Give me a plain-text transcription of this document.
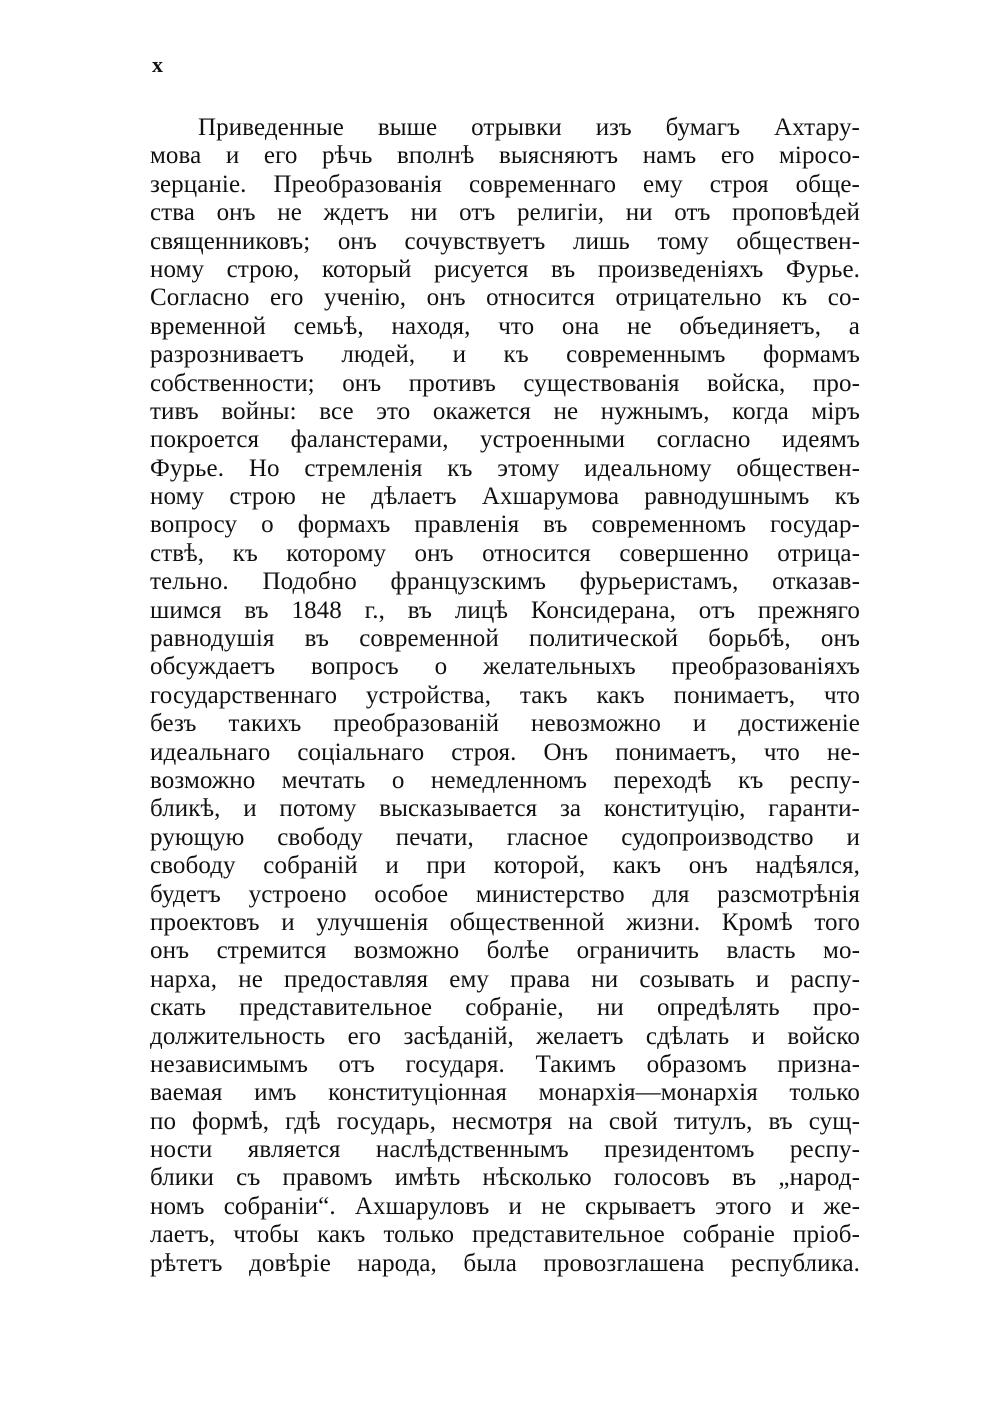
x
Приведенные выше отрывки изъ бумагъ Ахтару-
мова и его рѣчь вполнѣ выясняютъ намъ его міросо-
зерцаніе. Преобразованія современнаго ему строя обще-
ства онъ не ждетъ ни отъ религіи, ни отъ проповѣдей
священниковъ; онъ сочувствуетъ лишь тому обществен-
ному строю, который рисуется въ произведеніяхъ Фурье.
Согласно его ученію, онъ относится отрицательно къ со-
временной семьѣ, находя, что она не объединяетъ, а
разрозниваетъ людей, и къ современнымъ формамъ
собственности; онъ противъ существованія войска, про-
тивъ войны: все это окажется не нужнымъ, когда міръ
покроется фаланстерами, устроенными согласно идеямъ
Фурье. Но стремленія къ этому идеальному обществен-
ному строю не дѣлаетъ Ахшарумова равнодушнымъ къ
вопросу о формахъ правленія въ современномъ государ-
ствѣ, къ которому онъ относится совершенно отрица-
тельно. Подобно французскимъ фурьеристамъ, отказав-
шимся въ 1848 г., въ лицѣ Консидерана, отъ прежняго
равнодушія въ современной политической борьбѣ, онъ
обсуждаетъ вопросъ о желательныхъ преобразованіяхъ
государственнаго устройства, такъ какъ понимаетъ, что
безъ такихъ преобразованій невозможно и достиженіе
идеальнаго соціальнаго строя. Онъ понимаетъ, что не-
возможно мечтать о немедленномъ переходѣ къ респу-
бликѣ, и потому высказывается за конституцію, гаранти-
рующую свободу печати, гласное судопроизводство и
свободу собраній и при которой, какъ онъ надѣялся,
будетъ устроено особое министерство для разсмотрѣнія
проектовъ и улучшенія общественной жизни. Кромѣ того
онъ стремится возможно болѣе ограничить власть мо-
нарха, не предоставляя ему права ни созывать и распу-
скать представительное собраніе, ни опредѣлять про-
должительность его засѣданій, желаетъ сдѣлать и войско
независимымъ отъ государя. Такимъ образомъ призна-
ваемая имъ конституціонная монархія—монархія только
по формѣ, гдѣ государь, несмотря на свой титулъ, въ сущ-
ности является наслѣдственнымъ президентомъ респу-
блики съ правомъ имѣть нѣсколько голосовъ въ „народ-
номъ собраніи“. Ахшаруловъ и не скрываетъ этого и же-
лаетъ, чтобы какъ только представительное собраніе пріоб-
рѣтетъ довѣріе народа, была провозглашена республика.
